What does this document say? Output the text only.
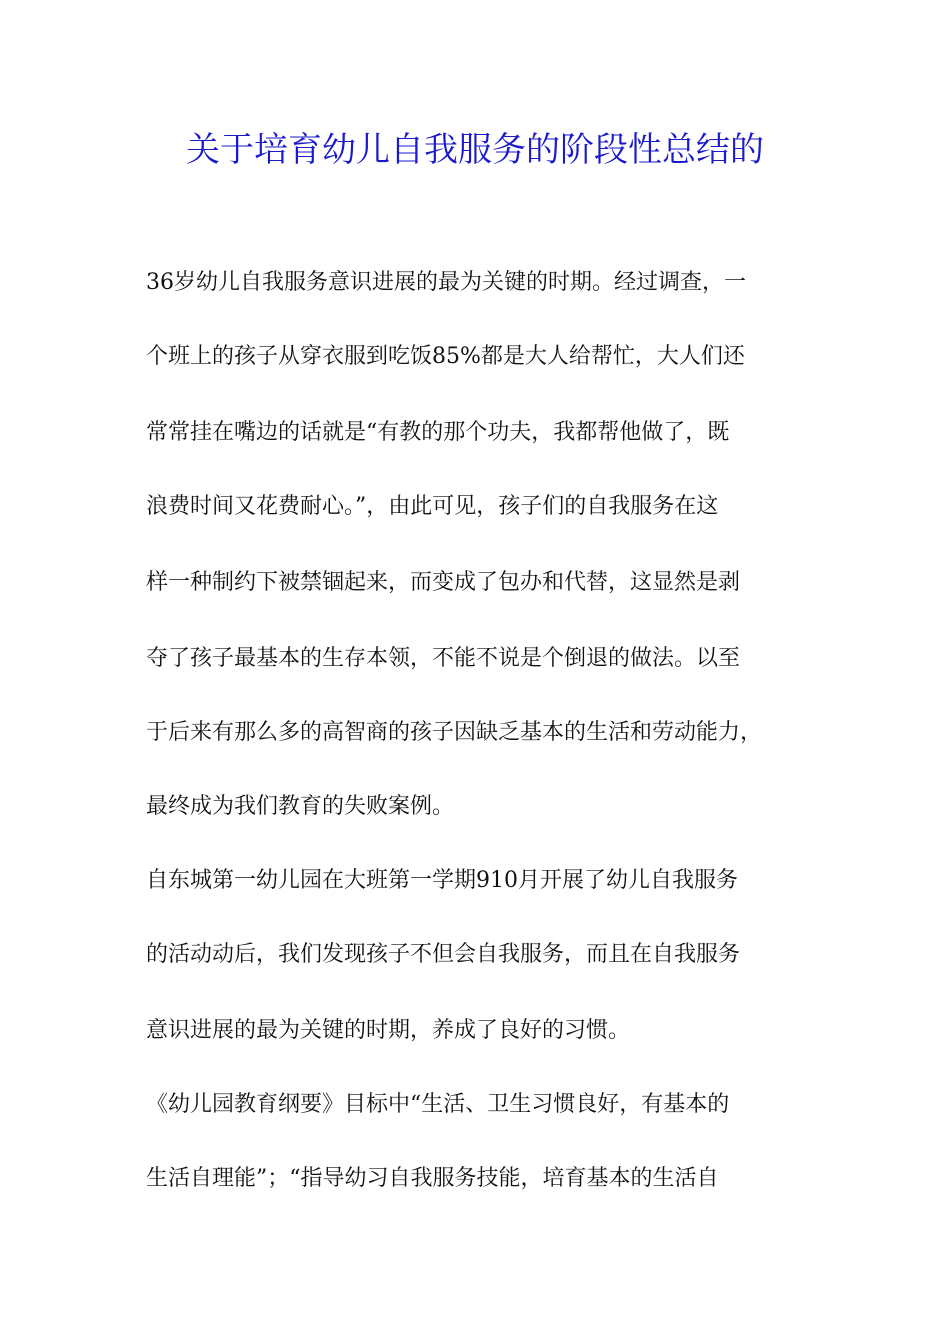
关于培育幼儿自我服务的阶段性总结的

36岁幼儿自我服务意识进展的最为关键的时期。经过调查，一

个班上的孩子从穿衣服到吃饭85%都是大人给帮忙，大人们还

常常挂在嘴边的话就是“有教的那个功夫，我都帮他做了，既

浪费时间又花费耐心。”，由此可见，孩子们的自我服务在这

样一种制约下被禁锢起来，而变成了包办和代替，这显然是剥

夺了孩子最基本的生存本领，不能不说是个倒退的做法。以至

于后来有那么多的高智商的孩子因缺乏基本的生活和劳动能力，

最终成为我们教育的失败案例。

自东城第一幼儿园在大班第一学期910月开展了幼儿自我服务

的活动动后，我们发现孩子不但会自我服务，而且在自我服务

意识进展的最为关键的时期，养成了良好的习惯。

《幼儿园教育纲要》目标中“生活、卫生习惯良好，有基本的

生活自理能”；“指导幼习自我服务技能，培育基本的生活自
